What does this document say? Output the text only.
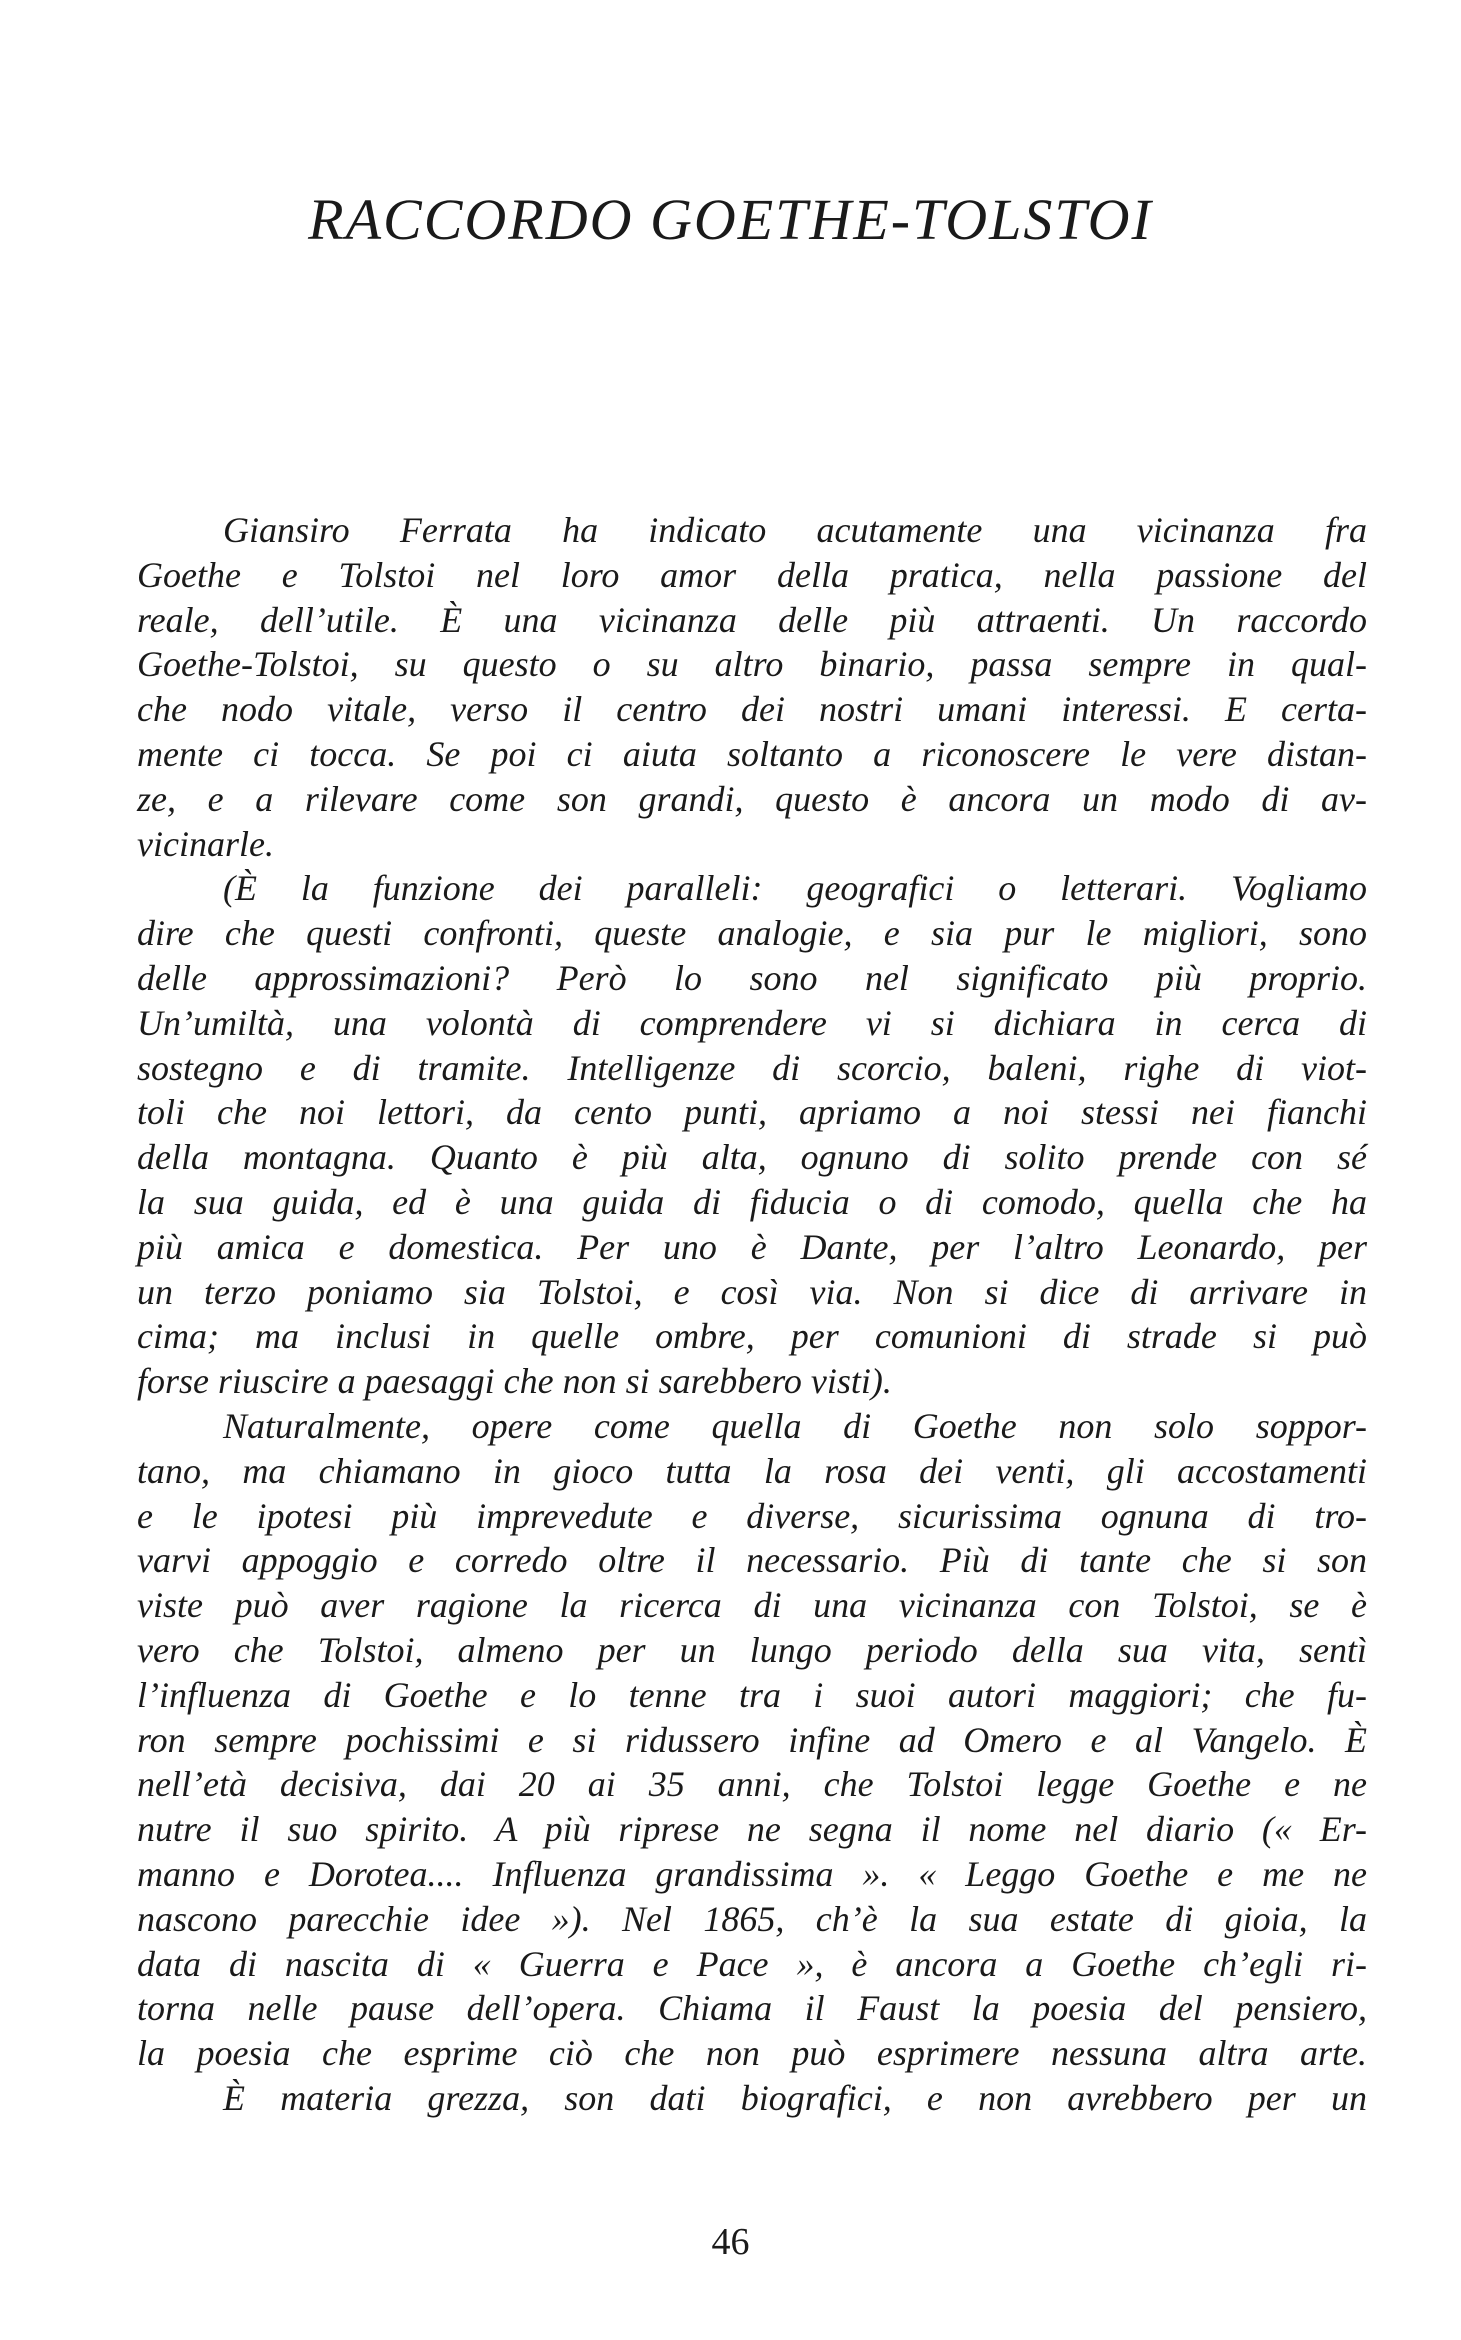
RACCORDO GOETHE-TOLSTOI
Giansiro Ferrata ha indicato acutamente una vicinanza fra
Goethe e Tolstoi nel loro amor della pratica, nella passione del
reale, dell’utile. È una vicinanza delle più attraenti. Un raccordo
Goethe-Tolstoi, su questo o su altro binario, passa sempre in qual-
che nodo vitale, verso il centro dei nostri umani interessi. E certa-
mente ci tocca. Se poi ci aiuta soltanto a riconoscere le vere distan-
ze, e a rilevare come son grandi, questo è ancora un modo di av-
vicinarle.
(È la funzione dei paralleli: geografici o letterari. Vogliamo
dire che questi confronti, queste analogie, e sia pur le migliori, sono
delle approssimazioni? Però lo sono nel significato più proprio.
Un’umiltà, una volontà di comprendere vi si dichiara in cerca di
sostegno e di tramite. Intelligenze di scorcio, baleni, righe di viot-
toli che noi lettori, da cento punti, apriamo a noi stessi nei fianchi
della montagna. Quanto è più alta, ognuno di solito prende con sé
la sua guida, ed è una guida di fiducia o di comodo, quella che ha
più amica e domestica. Per uno è Dante, per l’altro Leonardo, per
un terzo poniamo sia Tolstoi, e così via. Non si dice di arrivare in
cima; ma inclusi in quelle ombre, per comunioni di strade si può
forse riuscire a paesaggi che non si sarebbero visti).
Naturalmente, opere come quella di Goethe non solo soppor-
tano, ma chiamano in gioco tutta la rosa dei venti, gli accostamenti
e le ipotesi più imprevedute e diverse, sicurissima ognuna di tro-
varvi appoggio e corredo oltre il necessario. Più di tante che si son
viste può aver ragione la ricerca di una vicinanza con Tolstoi, se è
vero che Tolstoi, almeno per un lungo periodo della sua vita, sentì
l’influenza di Goethe e lo tenne tra i suoi autori maggiori; che fu-
ron sempre pochissimi e si ridussero infine ad Omero e al Vangelo. È
nell’età decisiva, dai 20 ai 35 anni, che Tolstoi legge Goethe e ne
nutre il suo spirito. A più riprese ne segna il nome nel diario (« Er-
manno e Dorotea.... Influenza grandissima ». « Leggo Goethe e me ne
nascono parecchie idee »). Nel 1865, ch’è la sua estate di gioia, la
data di nascita di « Guerra e Pace », è ancora a Goethe ch’egli ri-
torna nelle pause dell’opera. Chiama il Faust la poesia del pensiero,
la poesia che esprime ciò che non può esprimere nessuna altra arte.
È materia grezza, son dati biografici, e non avrebbero per un
46
